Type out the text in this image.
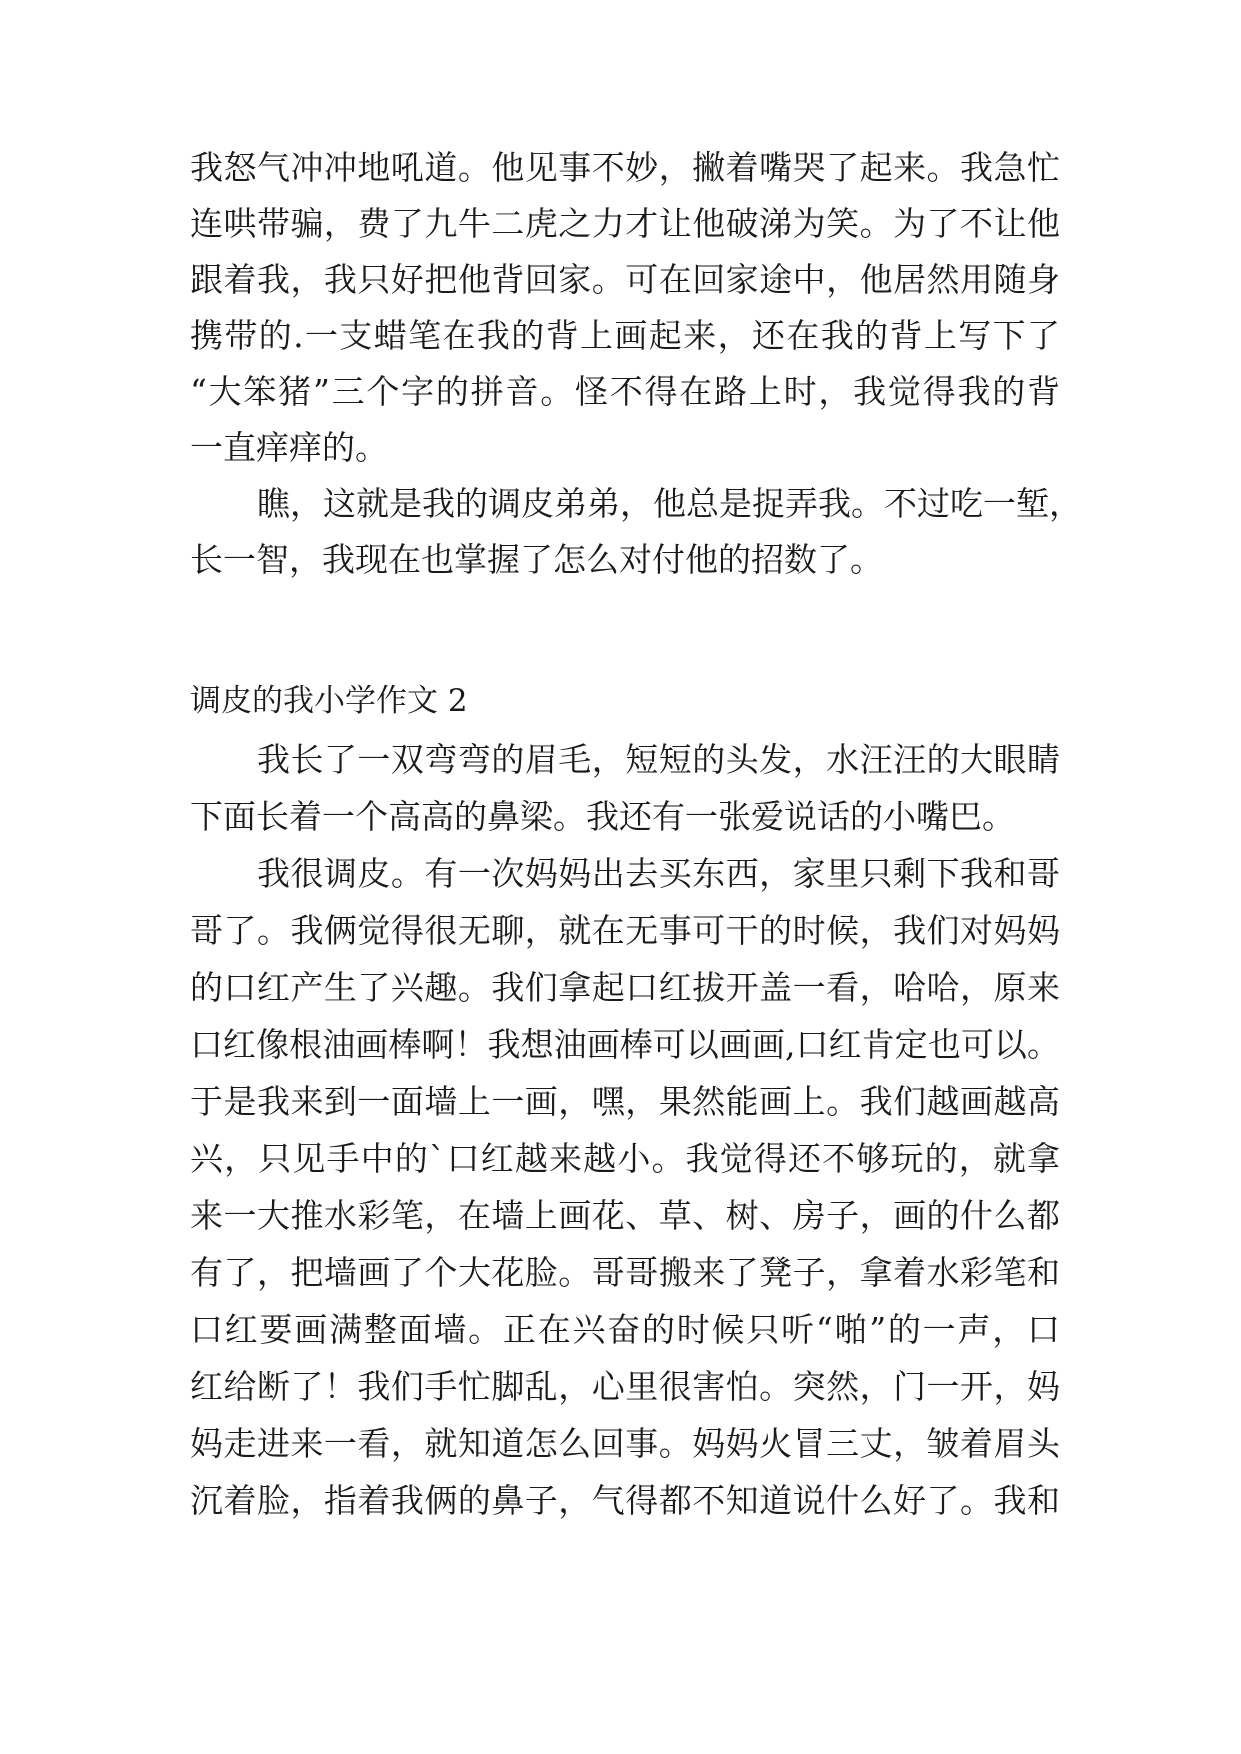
我怒气冲冲地吼道。他见事不妙，撇着嘴哭了起来。我急忙
连哄带骗，费了九牛二虎之力才让他破涕为笑。为了不让他
跟着我，我只好把他背回家。可在回家途中，他居然用随身
携带的.一支蜡笔在我的背上画起来，还在我的背上写下了
“大笨猪”三个字的拼音。怪不得在路上时，我觉得我的背
一直痒痒的。
瞧，这就是我的调皮弟弟，他总是捉弄我。不过吃一堑，
长一智，我现在也掌握了怎么对付他的招数了。
调皮的我小学作文 2
我长了一双弯弯的眉毛，短短的头发，水汪汪的大眼睛
下面长着一个高高的鼻梁。我还有一张爱说话的小嘴巴。
我很调皮。有一次妈妈出去买东西，家里只剩下我和哥
哥了。我俩觉得很无聊，就在无事可干的时候，我们对妈妈
的口红产生了兴趣。我们拿起口红拔开盖一看，哈哈，原来
口红像根油画棒啊！我想油画棒可以画画,口红肯定也可以。
于是我来到一面墙上一画，嘿，果然能画上。我们越画越高
兴，只见手中的`口红越来越小。我觉得还不够玩的，就拿
来一大推水彩笔，在墙上画花、草、树、房子，画的什么都
有了，把墙画了个大花脸。哥哥搬来了凳子，拿着水彩笔和
口红要画满整面墙。正在兴奋的时候只听“啪”的一声，口
红给断了！我们手忙脚乱，心里很害怕。突然，门一开，妈
妈走进来一看，就知道怎么回事。妈妈火冒三丈，皱着眉头
沉着脸，指着我俩的鼻子，气得都不知道说什么好了。我和
